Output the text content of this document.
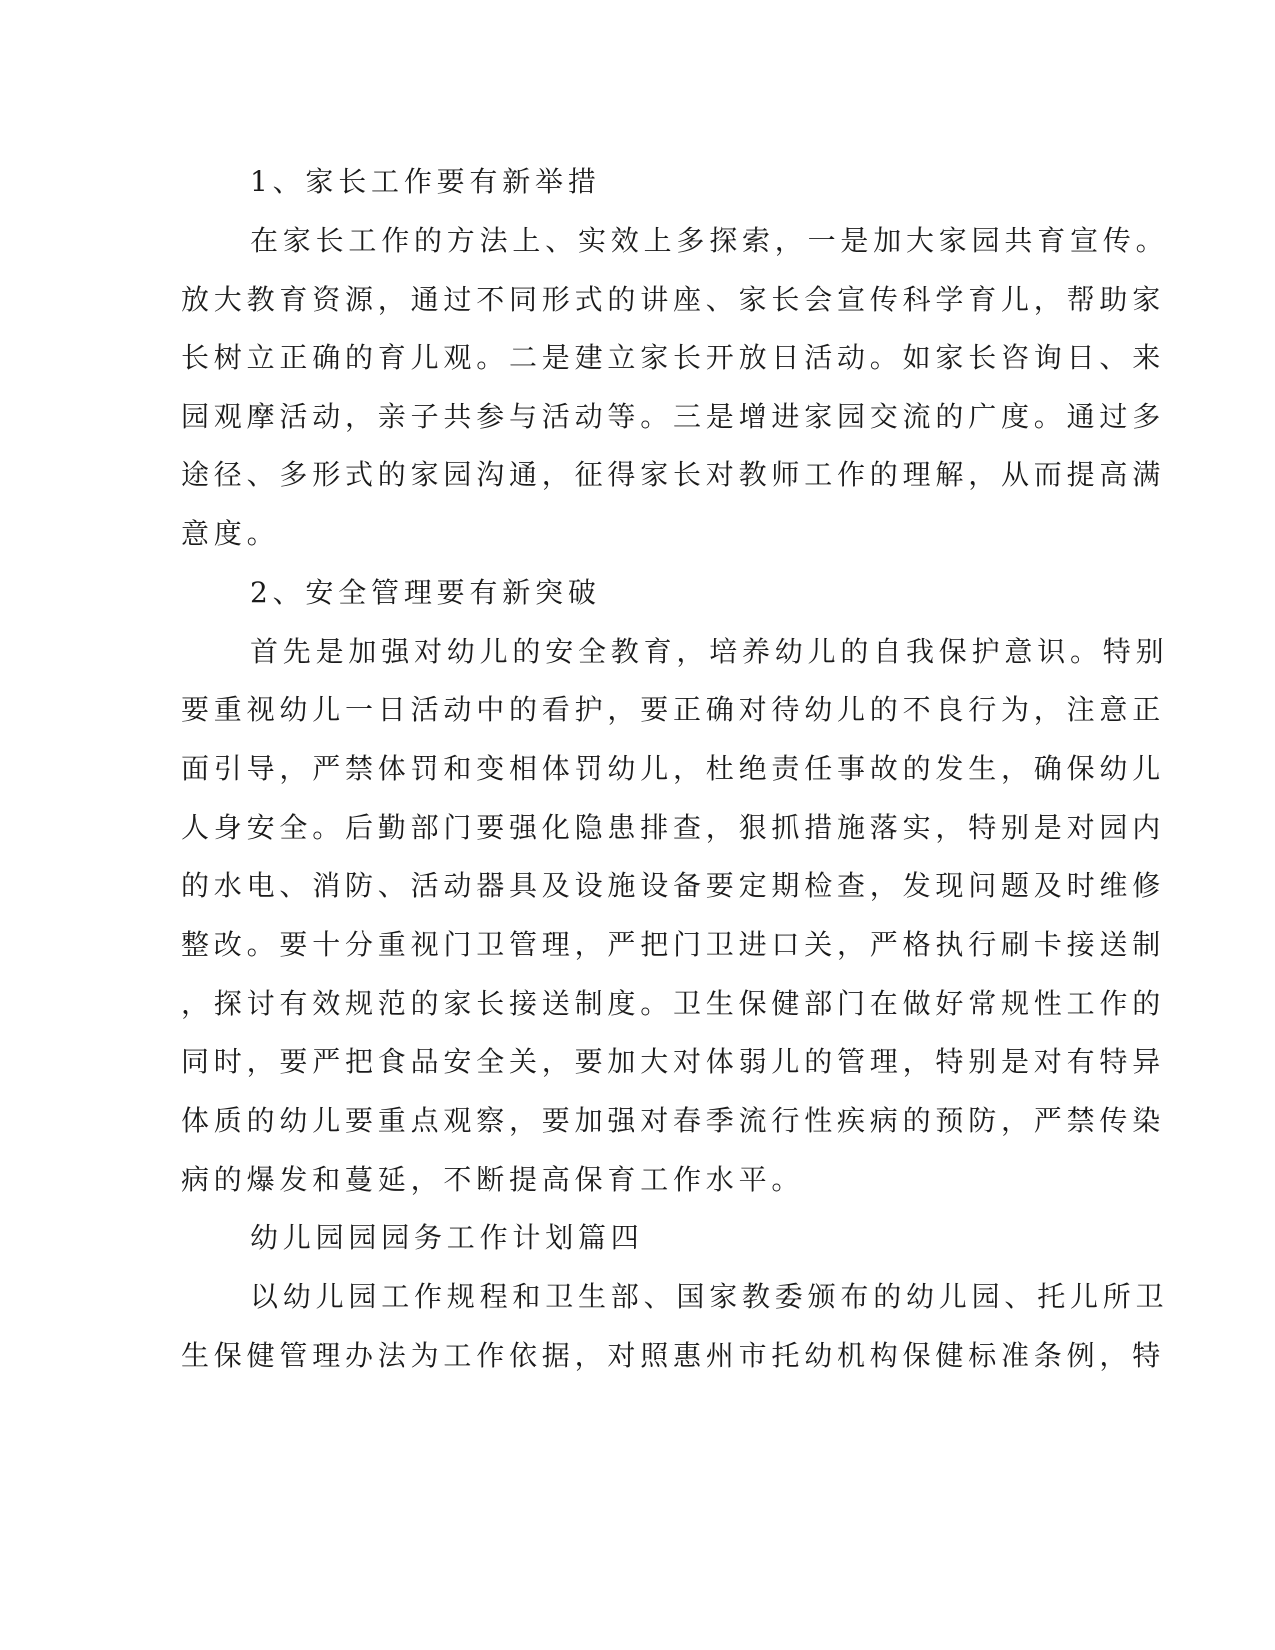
1、家长工作要有新举措
在家长工作的方法上、实效上多探索，一是加大家园共育宣传。
放大教育资源，通过不同形式的讲座、家长会宣传科学育儿，帮助家
长树立正确的育儿观。二是建立家长开放日活动。如家长咨询日、来
园观摩活动，亲子共参与活动等。三是增进家园交流的广度。通过多
途径、多形式的家园沟通，征得家长对教师工作的理解，从而提高满
意度。
2、安全管理要有新突破
首先是加强对幼儿的安全教育，培养幼儿的自我保护意识。特别
要重视幼儿一日活动中的看护，要正确对待幼儿的不良行为，注意正
面引导，严禁体罚和变相体罚幼儿，杜绝责任事故的发生，确保幼儿
人身安全。后勤部门要强化隐患排查，狠抓措施落实，特别是对园内
的水电、消防、活动器具及设施设备要定期检查，发现问题及时维修
整改。要十分重视门卫管理，严把门卫进口关，严格执行刷卡接送制
，探讨有效规范的家长接送制度。卫生保健部门在做好常规性工作的
同时，要严把食品安全关，要加大对体弱儿的管理，特别是对有特异
体质的幼儿要重点观察，要加强对春季流行性疾病的预防，严禁传染
病的爆发和蔓延，不断提高保育工作水平。
幼儿园园园务工作计划篇四
以幼儿园工作规程和卫生部、国家教委颁布的幼儿园、托儿所卫
生保健管理办法为工作依据，对照惠州市托幼机构保健标准条例，特
